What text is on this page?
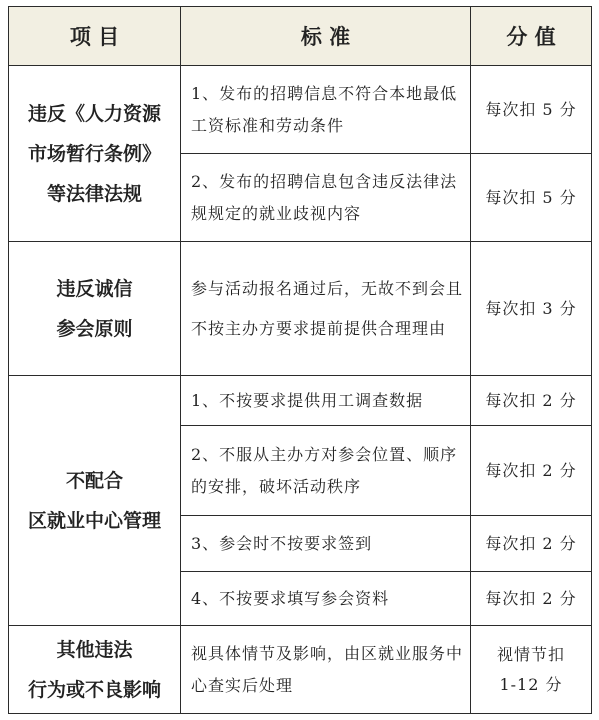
项 目	标 准	分 值

违反《人力资源
市场暂行条例》
等法律法规	1、发布的招聘信息不符合本地最低工资标准和劳动条件	每次扣 5 分

	2、发布的招聘信息包含违反法律法规规定的就业歧视内容	每次扣 5 分

违反诚信
参会原则	参与活动报名通过后，无故不到会且不按主办方要求提前提供合理理由	每次扣 3 分

不配合
区就业中心管理	1、不按要求提供用工调查数据	每次扣 2 分

	2、不服从主办方对参会位置、顺序的安排，破坏活动秩序	每次扣 2 分

	3、参会时不按要求签到	每次扣 2 分

	4、不按要求填写参会资料	每次扣 2 分

其他违法
行为或不良影响	视具体情节及影响，由区就业服务中心查实后处理	视情节扣
1-12 分
